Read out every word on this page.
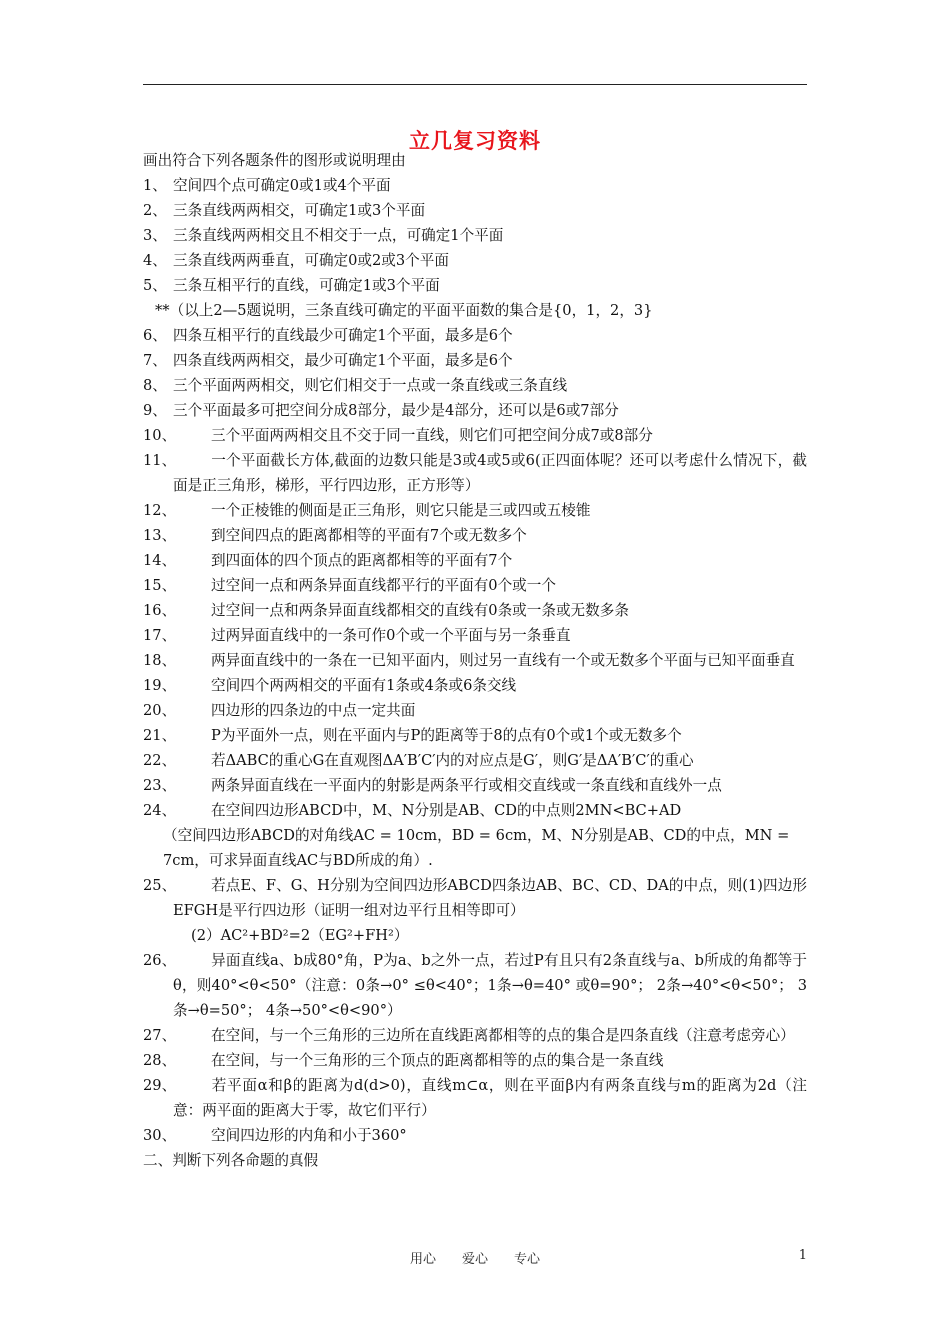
立几复习资料
画出符合下列各题条件的图形或说明理由
1、 空间四个点可确定0或1或4个平面
2、 三条直线两两相交，可确定1或3个平面
3、 三条直线两两相交且不相交于一点，可确定1个平面
4、 三条直线两两垂直，可确定0或2或3个平面
5、 三条互相平行的直线，可确定1或3个平面
**（以上2—5题说明，三条直线可确定的平面平面数的集合是{0，1，2，3}
6、 四条互相平行的直线最少可确定1个平面，最多是6个
7、 四条直线两两相交，最少可确定1个平面，最多是6个
8、 三个平面两两相交，则它们相交于一点或一条直线或三条直线
9、 三个平面最多可把空间分成8部分，最少是4部分，还可以是6或7部分
10、	三个平面两两相交且不交于同一直线，则它们可把空间分成7或8部分
11、	一个平面截长方体,截面的边数只能是3或4或5或6(正四面体呢？还可以考虑什么情况下，截面是正三角形，梯形，平行四边形，正方形等）
12、	一个正棱锥的侧面是正三角形，则它只能是三或四或五棱锥
13、	到空间四点的距离都相等的平面有7个或无数多个
14、	到四面体的四个顶点的距离都相等的平面有7个
15、	过空间一点和两条异面直线都平行的平面有0个或一个
16、	过空间一点和两条异面直线都相交的直线有0条或一条或无数多条
17、	过两异面直线中的一条可作0个或一个平面与另一条垂直
18、	两异面直线中的一条在一已知平面内，则过另一直线有一个或无数多个平面与已知平面垂直
19、	空间四个两两相交的平面有1条或4条或6条交线
20、	四边形的四条边的中点一定共面
21、	P为平面外一点，则在平面内与P的距离等于8的点有0个或1个或无数多个
22、	若ΔABC的重心G在直观图ΔA′B′C′内的对应点是G′，则G′是ΔA′B′C′的重心
23、	两条异面直线在一平面内的射影是两条平行或相交直线或一条直线和直线外一点
24、	在空间四边形ABCD中，M、N分别是AB、CD的中点则2MN<BC+AD
（空间四边形ABCD的对角线AC = 10cm，BD = 6cm，M、N分别是AB、CD的中点，MN = 7cm，可求异面直线AC与BD所成的角）.
25、	若点E、F、G、H分别为空间四边形ABCD四条边AB、BC、CD、DA的中点，则(1)四边形EFGH是平行四边形（证明一组对边平行且相等即可）
(2）AC²+BD²=2（EG²+FH²）
26、	异面直线a、b成80°角，P为a、b之外一点，若过P有且只有2条直线与a、b所成的角都等于θ，则40°<θ<50°（注意：0条→0° ≤θ<40°；1条→θ=40° 或θ=90°； 2条→40°<θ<50°； 3条→θ=50°； 4条→50°<θ<90°）
27、	在空间，与一个三角形的三边所在直线距离都相等的点的集合是四条直线（注意考虑旁心）
28、	在空间，与一个三角形的三个顶点的距离都相等的点的集合是一条直线
29、	若平面α和β的距离为d(d>0)，直线m⊂α，则在平面β内有两条直线与m的距离为2d（注意：两平面的距离大于零，故它们平行）
30、	空间四边形的内角和小于360°
二、判断下列各命题的真假
用心　　爱心　　专心	1
